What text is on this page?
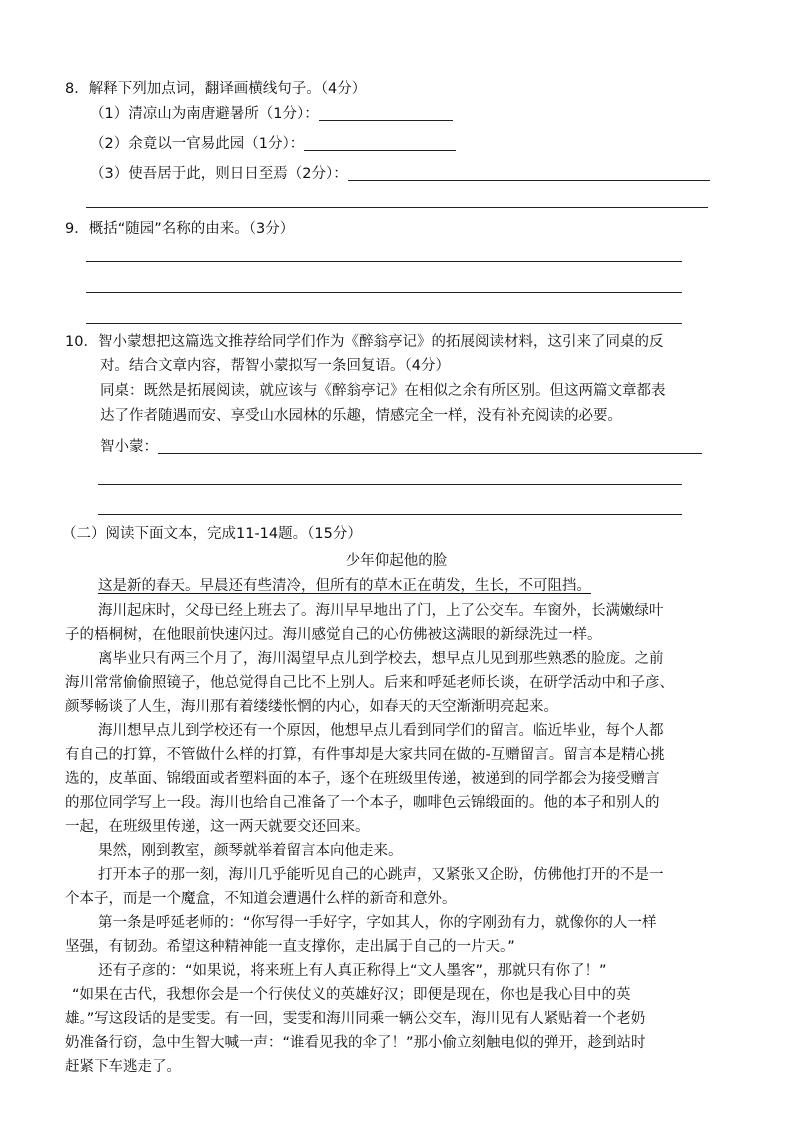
8．解释下列加点词，翻译画横线句子。（4分）
（1）清凉山为南唐避暑所（1分）：
（2）余竟以一官易此园（1分）：
（3）使吾居于此，则日日至焉（2分）：
9．概括“随园”名称的由来。（3分）
10．智小蒙想把这篇选文推荐给同学们作为《醉翁亭记》的拓展阅读材料，这引来了同桌的反
对。结合文章内容，帮智小蒙拟写一条回复语。（4分）
同桌：既然是拓展阅读，就应该与《醉翁亭记》在相似之余有所区别。但这两篇文章都表
达了作者随遇而安、享受山水园林的乐趣，情感完全一样，没有补充阅读的必要。
智小蒙：
（二）阅读下面文本，完成11-14题。（15分）
少年仰起他的脸
这是新的春天。早晨还有些清冷，但所有的草木正在萌发，生长，不可阻挡。
海川起床时，父母已经上班去了。海川早早地出了门，上了公交车。车窗外，长满嫩绿叶
子的梧桐树，在他眼前快速闪过。海川感觉自己的心仿佛被这满眼的新绿洗过一样。
离毕业只有两三个月了，海川渴望早点儿到学校去，想早点儿见到那些熟悉的脸庞。之前
海川常常偷偷照镜子，他总觉得自己比不上别人。后来和呼延老师长谈，在研学活动中和子彦、
颜琴畅谈了人生，海川那有着缕缕怅惘的内心，如春天的天空渐渐明亮起来。
海川想早点儿到学校还有一个原因，他想早点儿看到同学们的留言。临近毕业，每个人都
有自己的打算，不管做什么样的打算，有件事却是大家共同在做的-互赠留言。留言本是精心挑
选的，皮革面、锦缎面或者塑料面的本子，逐个在班级里传递，被递到的同学都会为接受赠言
的那位同学写上一段。海川也给自己准备了一个本子，咖啡色云锦缎面的。他的本子和别人的
一起，在班级里传递，这一两天就要交还回来。
果然，刚到教室，颜琴就举着留言本向他走来。
打开本子的那一刻，海川几乎能听见自己的心跳声，又紧张又企盼，仿佛他打开的不是一
个本子，而是一个魔盒，不知道会遭遇什么样的新奇和意外。
第一条是呼延老师的：“你写得一手好字，字如其人，你的字刚劲有力，就像你的人一样
坚强，有韧劲。希望这种精神能一直支撑你，走出属于自己的一片天。”
还有子彦的：“如果说，将来班上有人真正称得上“文人墨客”，那就只有你了！”
“如果在古代，我想你会是一个行侠仗义的英雄好汉；即便是现在，你也是我心目中的英
雄。”写这段话的是雯雯。有一回，雯雯和海川同乘一辆公交车，海川见有人紧贴着一个老奶
奶准备行窃，急中生智大喊一声：“谁看见我的伞了！”那小偷立刻触电似的弹开，趁到站时
赶紧下车逃走了。
